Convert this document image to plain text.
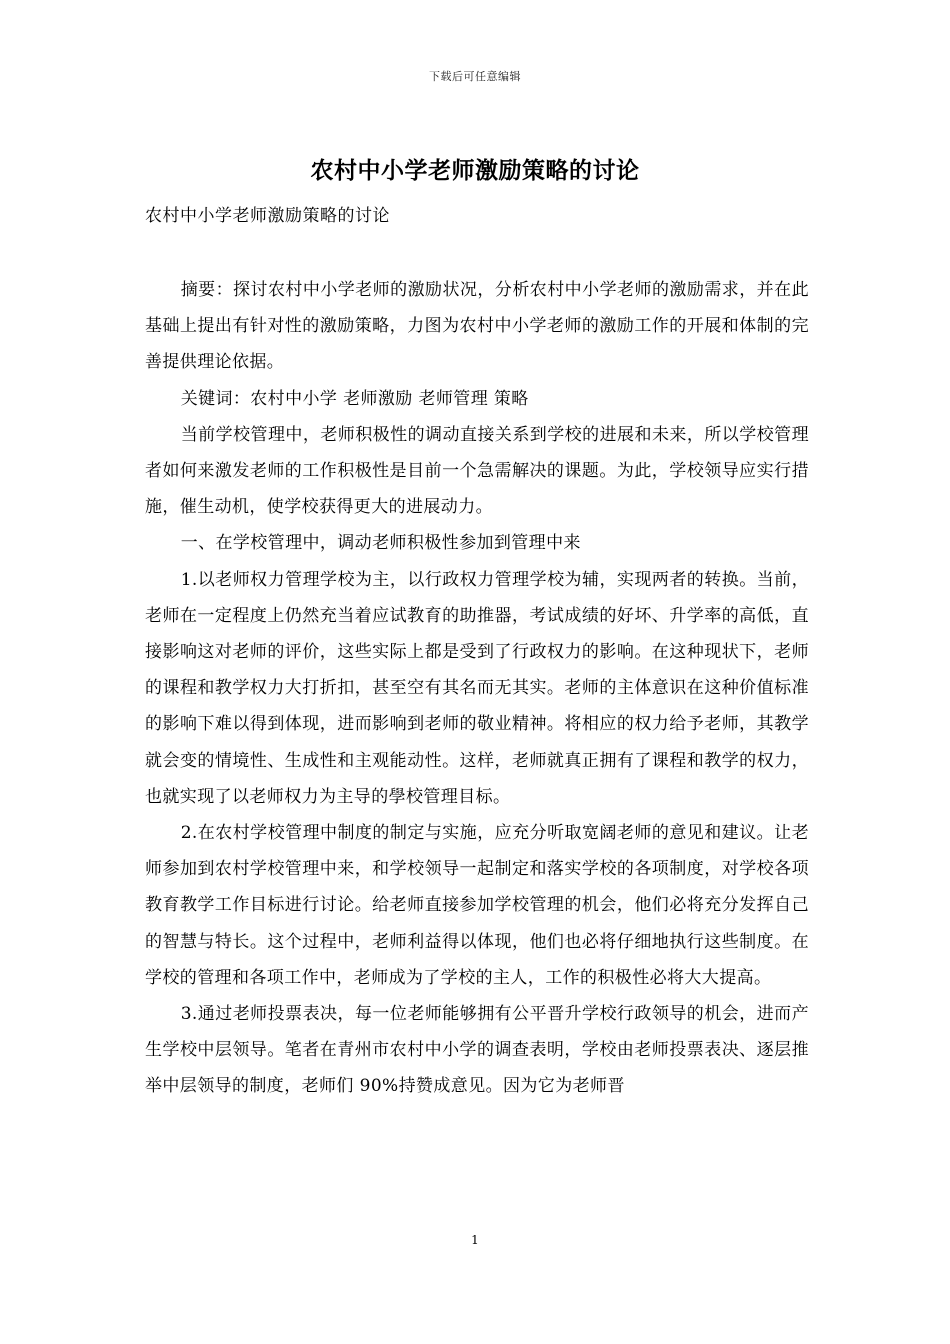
下载后可任意编辑
农村中小学老师激励策略的讨论
农村中小学老师激励策略的讨论

摘要：探讨农村中小学老师的激励状况，分析农村中小学老师的激励需求，并在此基础上提出有针对性的激励策略，力图为农村中小学老师的激励工作的开展和体制的完善提供理论依据。

关键词：农村中小学 老师激励 老师管理 策略

当前学校管理中，老师积极性的调动直接关系到学校的进展和未来，所以学校管理者如何来激发老师的工作积极性是目前一个急需解决的课题。为此，学校领导应实行措施，催生动机，使学校获得更大的进展动力。

一、在学校管理中，调动老师积极性参加到管理中来

1.以老师权力管理学校为主，以行政权力管理学校为辅，实现两者的转换。当前，老师在一定程度上仍然充当着应试教育的助推器，考试成绩的好坏、升学率的高低，直接影响这对老师的评价，这些实际上都是受到了行政权力的影响。在这种现状下，老师的课程和教学权力大打折扣，甚至空有其名而无其实。老师的主体意识在这种价值标准的影响下难以得到体现，进而影响到老师的敬业精神。将相应的权力给予老师，其教学就会变的情境性、生成性和主观能动性。这样，老师就真正拥有了课程和教学的权力，也就实现了以老师权力为主导的學校管理目标。

2.在农村学校管理中制度的制定与实施，应充分听取宽阔老师的意见和建议。让老师参加到农村学校管理中来，和学校领导一起制定和落实学校的各项制度，对学校各项教育教学工作目标进行讨论。给老师直接参加学校管理的机会，他们必将充分发挥自己的智慧与特长。这个过程中，老师利益得以体现，他们也必将仔细地执行这些制度。在学校的管理和各项工作中，老师成为了学校的主人，工作的积极性必将大大提高。

3.通过老师投票表决，每一位老师能够拥有公平晋升学校行政领导的机会，进而产生学校中层领导。笔者在青州市农村中小学的调查表明，学校由老师投票表决、逐层推举中层领导的制度，老师们 90%持赞成意见。因为它为老师晋

1
